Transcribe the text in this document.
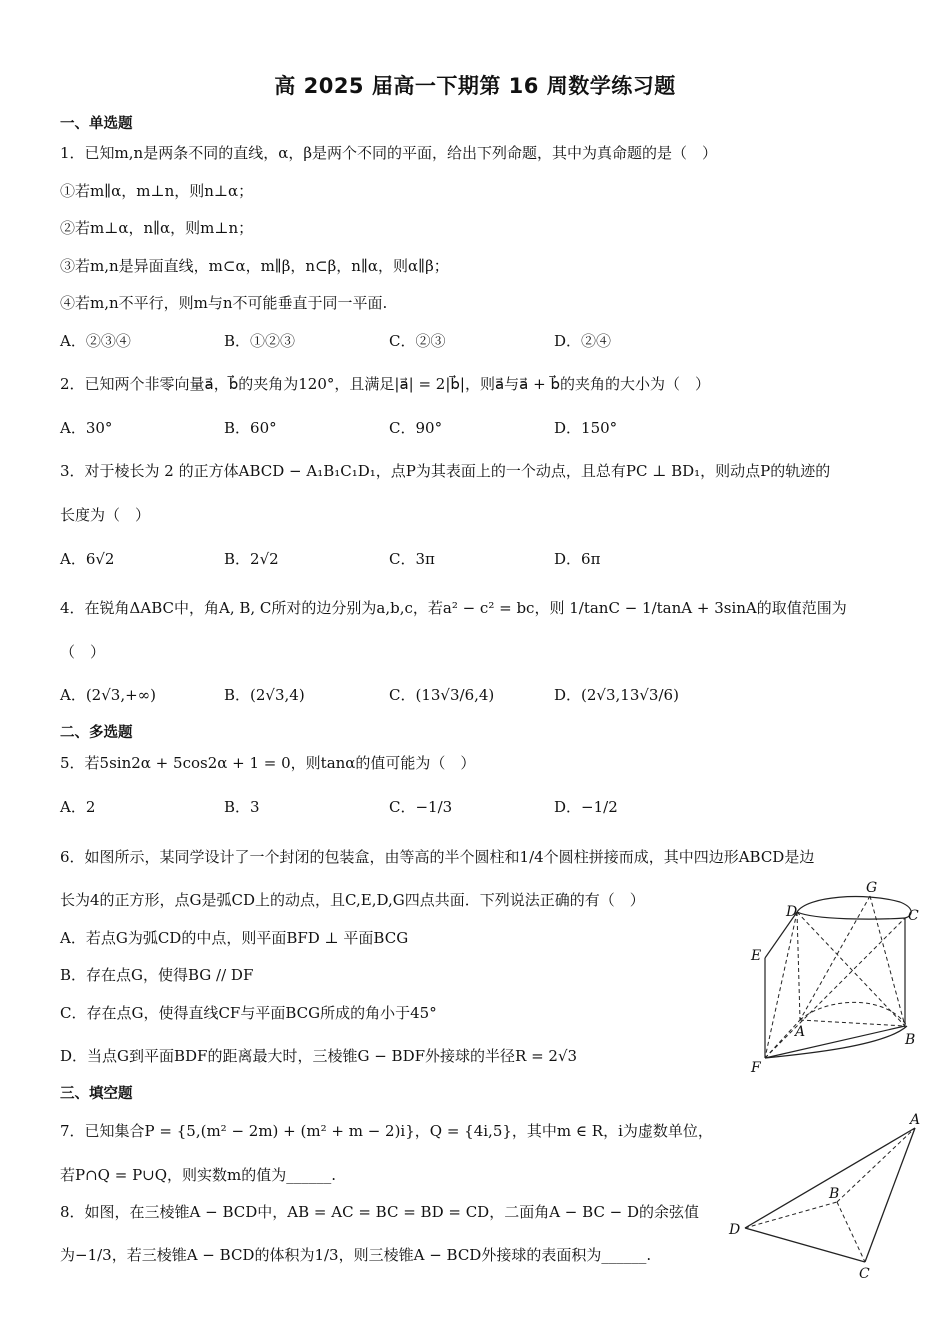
高 2025 届高一下期第 16 周数学练习题
一、单选题
1．已知m,n是两条不同的直线，α，β是两个不同的平面，给出下列命题，其中为真命题的是（　）
①若m∥α，m⊥n，则n⊥α；
②若m⊥α，n∥α，则m⊥n；
③若m,n是异面直线，m⊂α，m∥β，n⊂β，n∥α，则α∥β；
④若m,n不平行，则m与n不可能垂直于同一平面.
A．②③④	B．①②③	C．②③	D．②④
2．已知两个非零向量a⃗，b⃗的夹角为120°，且满足|a⃗| = 2|b⃗|，则a⃗与a⃗ + b⃗的夹角的大小为（　）
A．30°	B．60°	C．90°	D．150°
3．对于棱长为 2 的正方体ABCD − A₁B₁C₁D₁，点P为其表面上的一个动点，且总有PC ⊥ BD₁，则动点P的轨迹的
长度为（　）
A．6√2	B．2√2	C．3π	D．6π
4．在锐角ΔABC中，角A, B, C所对的边分别为a,b,c，若a² − c² = bc，则 1/tanC − 1/tanA + 3sinA的取值范围为
（　）
A．(2√3,+∞)	B．(2√3,4)	C．(13√3/6,4)	D．(2√3,13√3/6)
二、多选题
5．若5sin2α + 5cos2α + 1 = 0，则tanα的值可能为（　）
A．2	B．3	C．−1/3	D．−1/2
6．如图所示，某同学设计了一个封闭的包装盒，由等高的半个圆柱和1/4个圆柱拼接而成，其中四边形ABCD是边
长为4的正方形，点G是弧CD上的动点，且C,E,D,G四点共面．下列说法正确的有（　）
A．若点G为弧CD的中点，则平面BFD ⊥ 平面BCG
B．存在点G，使得BG // DF
C．存在点G，使得直线CF与平面BCG所成的角小于45°
D．当点G到平面BDF的距离最大时，三棱锥G − BDF外接球的半径R = 2√3
G
D	C
E
A	B
F
三、填空题
7．已知集合P = {5,(m² − 2m) + (m² + m − 2)i}，Q = {4i,5}，其中m ∈ R，i为虚数单位，
若P∩Q = P∪Q，则实数m的值为______.
8．如图，在三棱锥A − BCD中，AB = AC = BC = BD = CD，二面角A − BC − D的余弦值
为−1/3，若三棱锥A − BCD的体积为1/3，则三棱锥A − BCD外接球的表面积为______.
A
B
D
C
